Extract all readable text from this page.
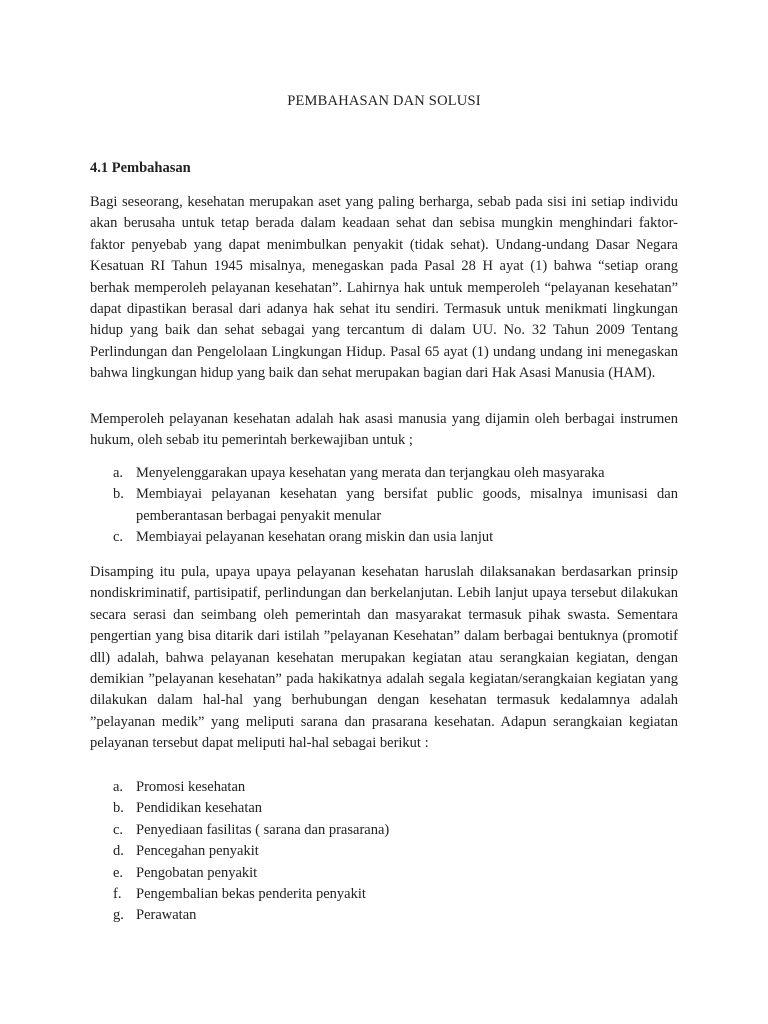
PEMBAHASAN DAN SOLUSI
4.1 Pembahasan

Bagi seseorang, kesehatan merupakan aset yang paling berharga, sebab pada sisi ini setiap individu akan berusaha untuk tetap berada dalam keadaan sehat dan sebisa mungkin menghindari faktor-faktor penyebab yang dapat menimbulkan penyakit (tidak sehat). Undang-undang Dasar Negara Kesatuan RI Tahun 1945 misalnya, menegaskan pada Pasal 28 H ayat (1) bahwa “setiap orang berhak memperoleh pelayanan kesehatan”. Lahirnya hak untuk memperoleh “pelayanan kesehatan” dapat dipastikan berasal dari adanya hak sehat itu sendiri. Termasuk untuk menikmati lingkungan hidup yang baik dan sehat sebagai yang tercantum di dalam UU. No. 32 Tahun 2009 Tentang Perlindungan dan Pengelolaan Lingkungan Hidup. Pasal 65 ayat (1) undang undang ini menegaskan bahwa lingkungan hidup yang baik dan sehat merupakan bagian dari Hak Asasi Manusia (HAM).

Memperoleh pelayanan kesehatan adalah hak asasi manusia yang dijamin oleh berbagai instrumen hukum, oleh sebab itu pemerintah berkewajiban untuk ;

a. Menyelenggarakan upaya kesehatan yang merata dan terjangkau oleh masyaraka
b. Membiayai pelayanan kesehatan yang bersifat public goods, misalnya imunisasi dan pemberantasan berbagai penyakit menular
c. Membiayai pelayanan kesehatan orang miskin dan usia lanjut

Disamping itu pula, upaya upaya pelayanan kesehatan haruslah dilaksanakan berdasarkan prinsip nondiskriminatif, partisipatif, perlindungan dan berkelanjutan. Lebih lanjut upaya tersebut dilakukan secara serasi dan seimbang oleh pemerintah dan masyarakat termasuk pihak swasta. Sementara pengertian yang bisa ditarik dari istilah ”pelayanan Kesehatan” dalam berbagai bentuknya (promotif dll) adalah, bahwa pelayanan kesehatan merupakan kegiatan atau serangkaian kegiatan, dengan demikian ”pelayanan kesehatan” pada hakikatnya adalah segala kegiatan/serangkaian kegiatan yang dilakukan dalam hal-hal yang berhubungan dengan kesehatan termasuk kedalamnya adalah ”pelayanan medik” yang meliputi sarana dan prasarana kesehatan. Adapun serangkaian kegiatan pelayanan tersebut dapat meliputi hal-hal sebagai berikut :

a. Promosi kesehatan
b. Pendidikan kesehatan
c. Penyediaan fasilitas ( sarana dan prasarana)
d. Pencegahan penyakit
e. Pengobatan penyakit
f. Pengembalian bekas penderita penyakit
g. Perawatan
